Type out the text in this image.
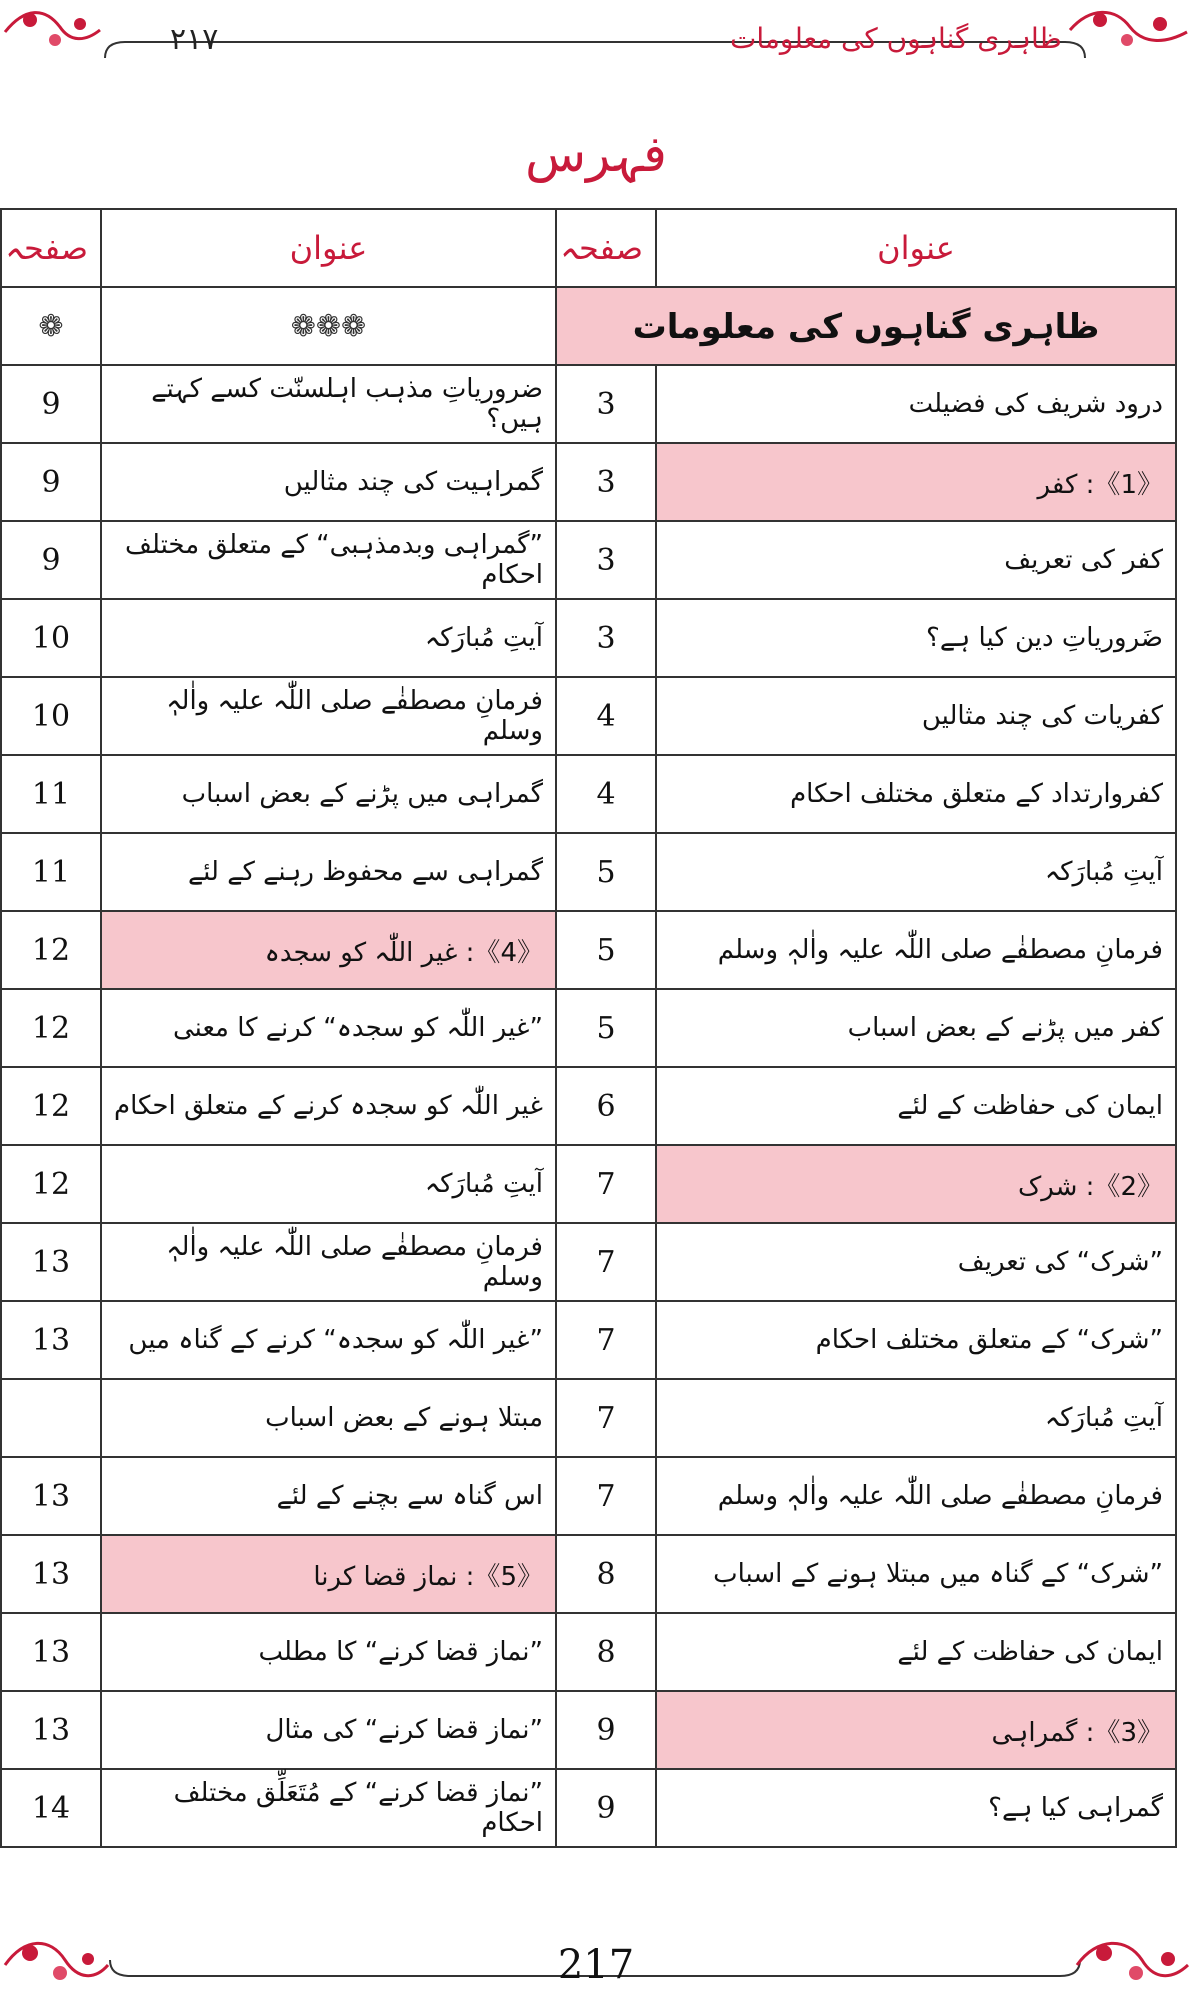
٢١٧	ظاہری گناہوں کی معلومات
فہرس
عنوان	صفحہ	عنوان	صفحہ
ظاہری گناہوں کی معلومات		❁❁❁	❁
درود شریف کی فضیلت	3	ضروریاتِ مذہب اہلسنّت کسے کہتے ہیں؟	9
《1》: کفر	3	گمراہیت کی چند مثالیں	9
کفر کی تعریف	3	”گمراہی وبدمذہبی“ کے متعلق مختلف احکام	9
ضَروریاتِ دین کیا ہے؟	3	آیتِ مُبارَکہ	10
کفریات کی چند مثالیں	4	فرمانِ مصطفٰے صلی اللّٰہ علیہ واٰلہٖ وسلم	10
کفروارتداد کے متعلق مختلف احکام	4	گمراہی میں پڑنے کے بعض اسباب	11
آیتِ مُبارَکہ	5	گمراہی سے محفوظ رہنے کے لئے	11
فرمانِ مصطفٰے صلی اللّٰہ علیہ واٰلہٖ وسلم	5	《4》: غیر اللّٰہ کو سجدہ	12
کفر میں پڑنے کے بعض اسباب	5	”غیر اللّٰہ کو سجدہ“ کرنے کا معنی	12
ایمان کی حفاظت کے لئے	6	غیر اللّٰہ کو سجدہ کرنے کے متعلق احکام	12
《2》: شرک	7	آیتِ مُبارَکہ	12
”شرک“ کی تعریف	7	فرمانِ مصطفٰے صلی اللّٰہ علیہ واٰلہٖ وسلم	13
”شرک“ کے متعلق مختلف احکام	7	”غیر اللّٰہ کو سجدہ“ کرنے کے گناہ میں	13
آیتِ مُبارَکہ	7	مبتلا ہونے کے بعض اسباب	
فرمانِ مصطفٰے صلی اللّٰہ علیہ واٰلہٖ وسلم	7	اس گناہ سے بچنے کے لئے	13
”شرک“ کے گناہ میں مبتلا ہونے کے اسباب	8	《5》: نماز قضا کرنا	13
ایمان کی حفاظت کے لئے	8	”نماز قضا کرنے“ کا مطلب	13
《3》: گمراہی	9	”نماز قضا کرنے“ کی مثال	13
گمراہی کیا ہے؟	9	”نماز قضا کرنے“ کے مُتَعَلِّق مختلف احکام	14
217
